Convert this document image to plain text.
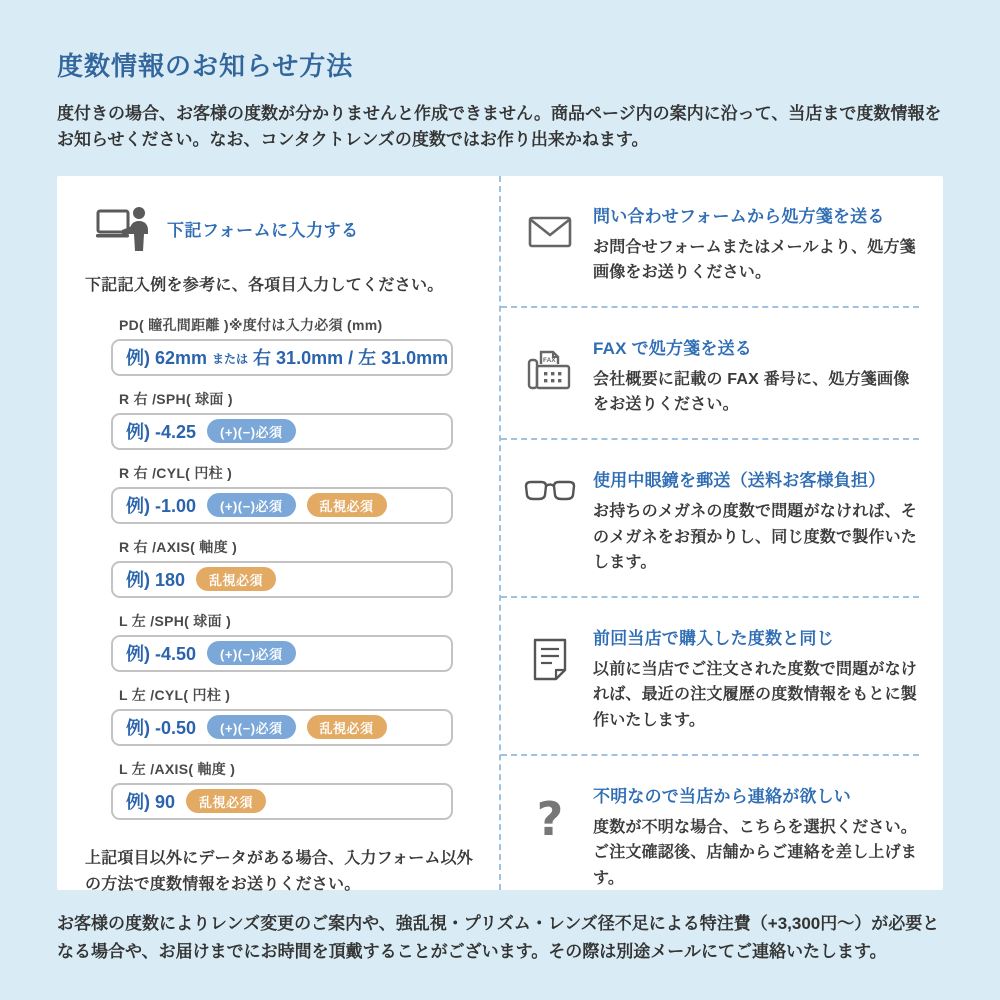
度数情報のお知らせ方法

度付きの場合、お客様の度数が分かりませんと作成できません。商品ページ内の案内に沿って、当店まで度数情報をお知らせください。なお、コンタクトレンズの度数ではお作り出来かねます。

下記フォームに入力する

下記記入例を参考に、各項目入力してください。

PD( 瞳孔間距離 )※度付は入力必須 (mm)
例) 62mm または 右 31.0mm / 左 31.0mm
R 右 /SPH( 球面 )
例) -4.25	(+)(−)必須
R 右 /CYL( 円柱 )
例) -1.00	(+)(−)必須	乱視必須
R 右 /AXIS( 軸度 )
例) 180	乱視必須
L 左 /SPH( 球面 )
例) -4.50	(+)(−)必須
L 左 /CYL( 円柱 )
例) -0.50	(+)(−)必須	乱視必須
L 左 /AXIS( 軸度 )
例) 90	乱視必須

上記項目以外にデータがある場合、入力フォーム以外の方法で度数情報をお送りください。

問い合わせフォームから処方箋を送る
お問合せフォームまたはメールより、処方箋画像をお送りください。
FAX
FAX で処方箋を送る
会社概要に記載の FAX 番号に、処方箋画像をお送りください。
使用中眼鏡を郵送（送料お客様負担）
お持ちのメガネの度数で問題がなければ、そのメガネをお預かりし、同じ度数で製作いたします。
前回当店で購入した度数と同じ
以前に当店でご注文された度数で問題がなければ、最近の注文履歴の度数情報をもとに製作いたします。
? 不明なので当店から連絡が欲しい
度数が不明な場合、こちらを選択ください。ご注文確認後、店舗からご連絡を差し上げます。

お客様の度数によりレンズ変更のご案内や、強乱視・プリズム・レンズ径不足による特注費（+3,300円〜）が必要となる場合や、お届けまでにお時間を頂戴することがございます。その際は別途メールにてご連絡いたします。
